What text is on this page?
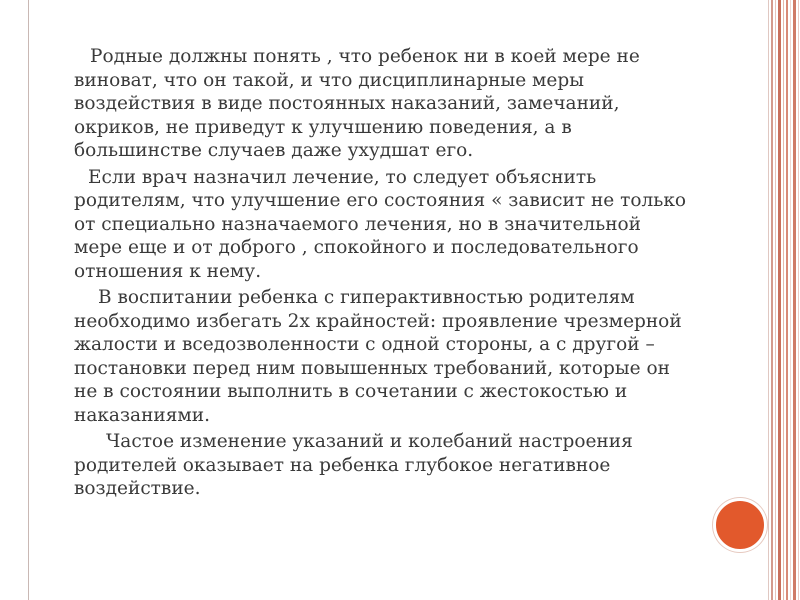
Родные должны понять , что ребенок ни в коей мере не виноват, что он такой, и что дисциплинарные меры воздействия в виде постоянных наказаний, замечаний, окриков, не приведут к улучшению поведения, а в большинстве случаев даже ухудшат его.

Если врач назначил лечение, то следует объяснить родителям, что улучшение его состояния « зависит не только от специально назначаемого лечения, но в значительной мере еще и от доброго , спокойного и последовательного отношения к нему.

В воспитании ребенка с гиперактивностью родителям необходимо избегать 2х крайностей: проявление чрезмерной жалости и вседозволенности с одной стороны, а с другой – постановки перед ним повышенных требований, которые он не в состоянии выполнить в сочетании с жестокостью и наказаниями.

Частое изменение указаний и колебаний настроения родителей оказывает на ребенка глубокое негативное воздействие.
